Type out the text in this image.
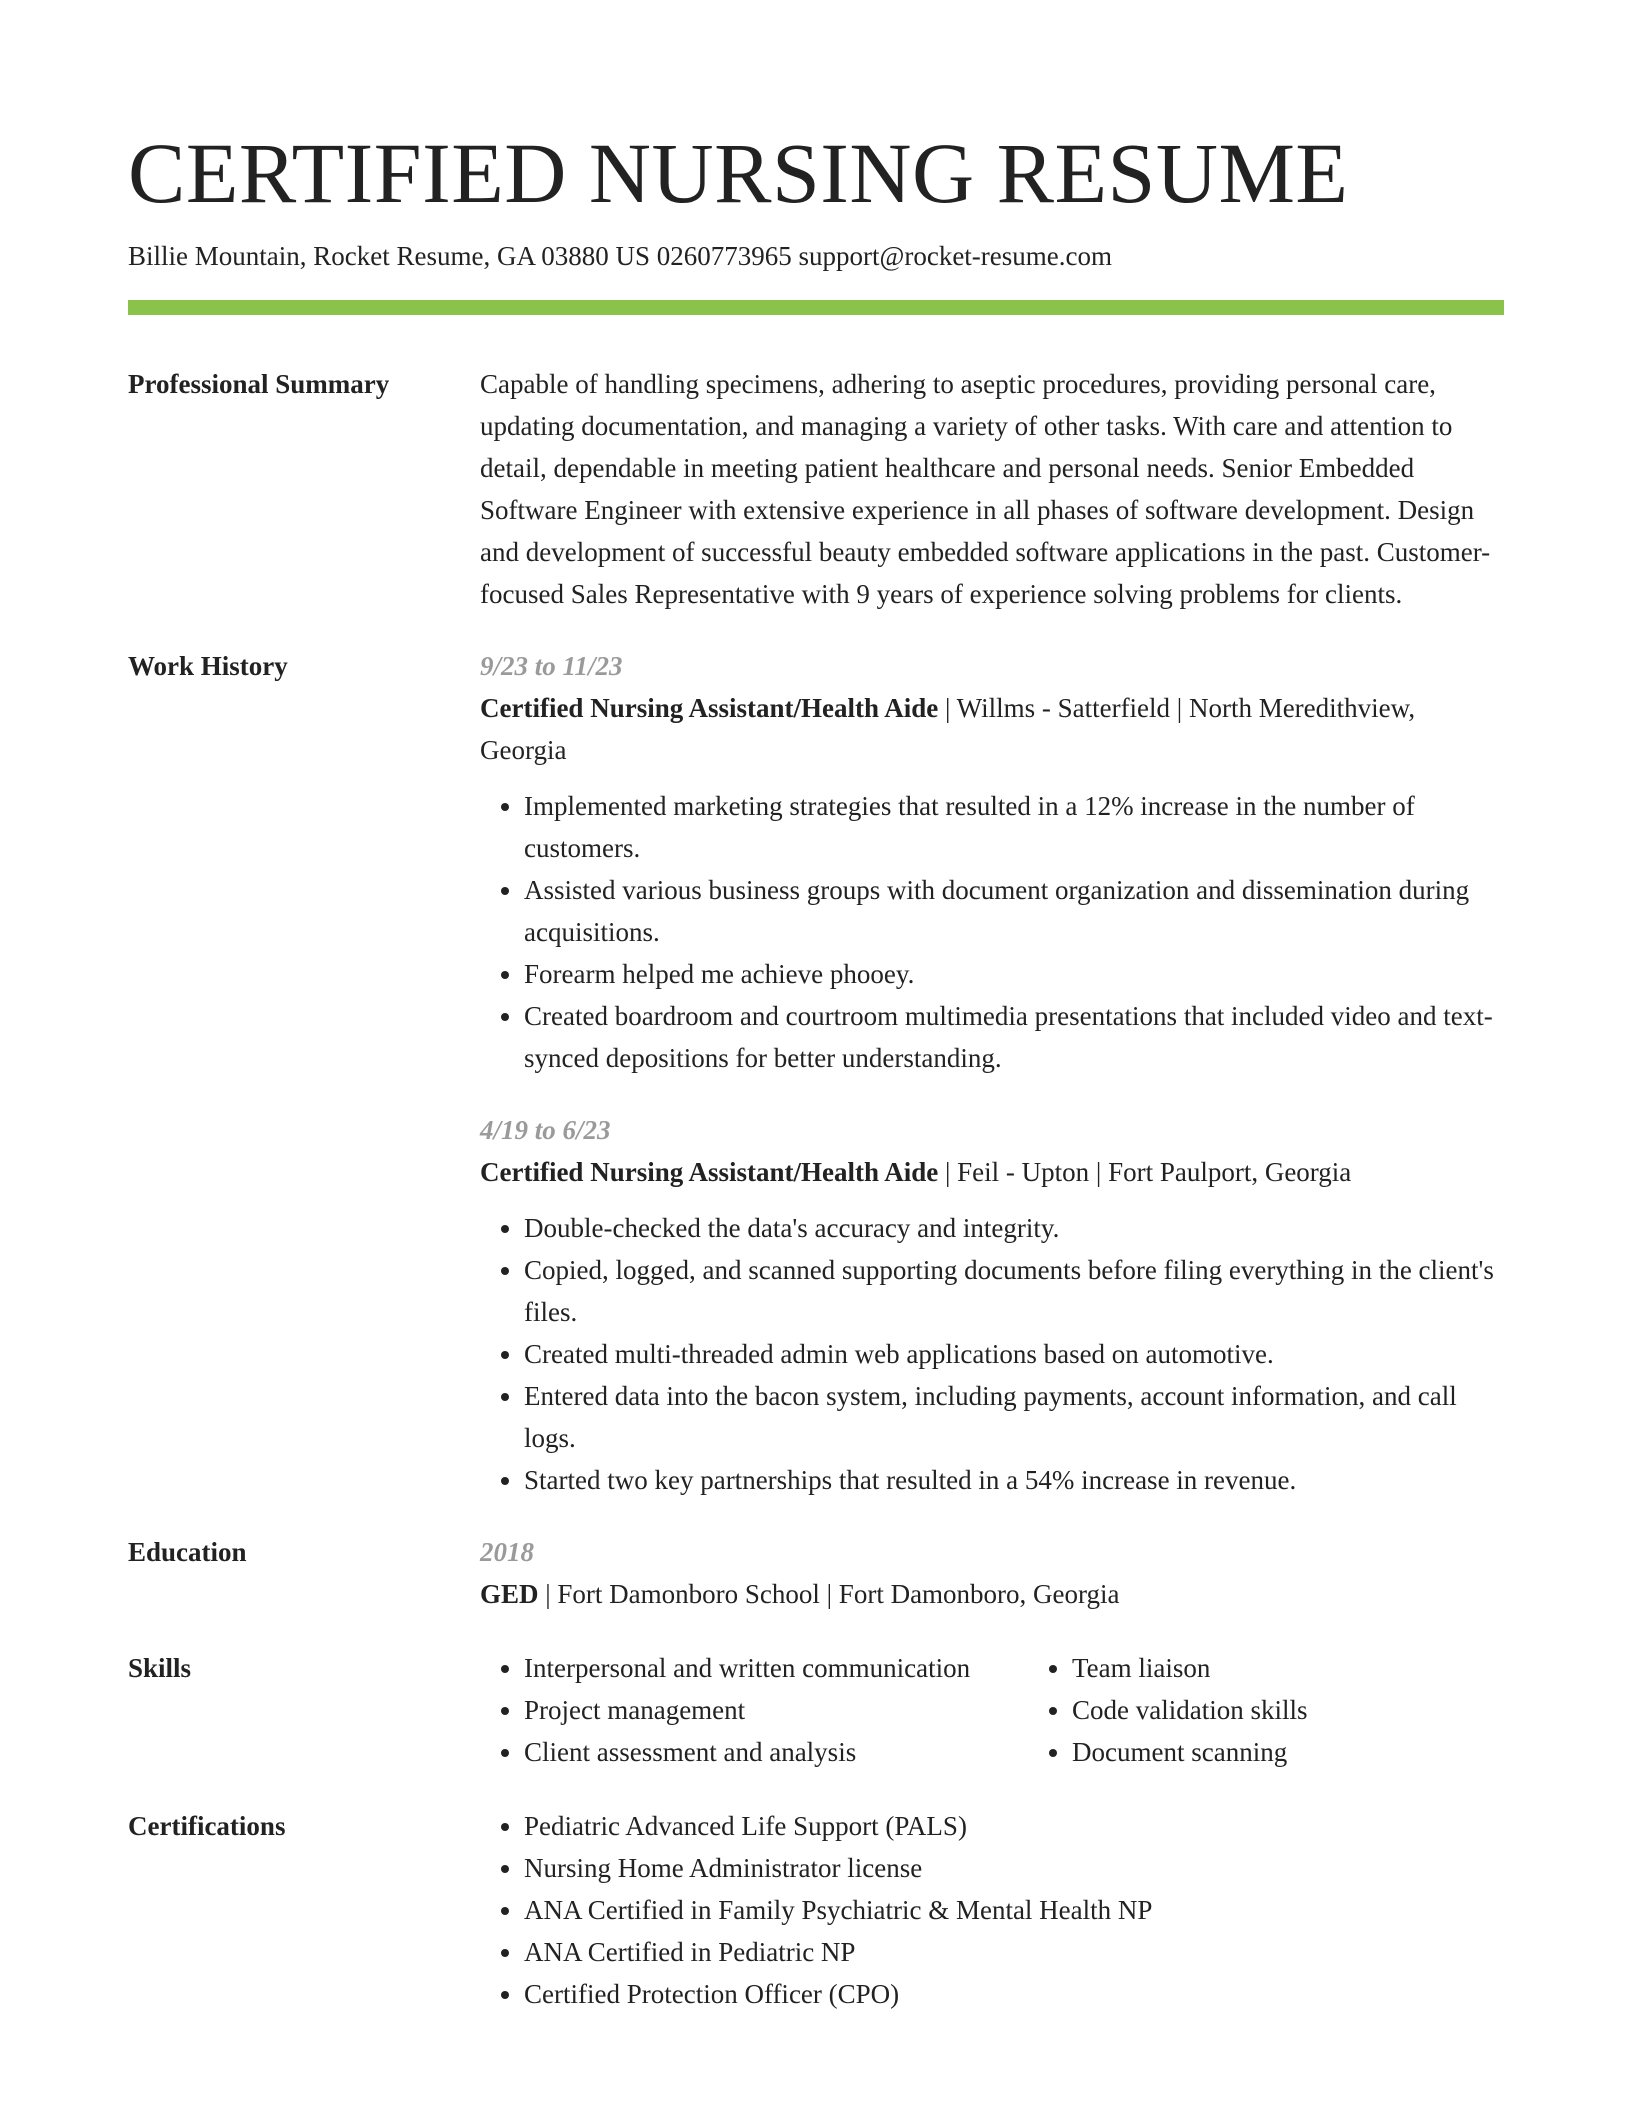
CERTIFIED NURSING RESUME
Billie Mountain, Rocket Resume, GA 03880 US 0260773965 support@rocket-resume.com
Professional Summary	Capable of handling specimens, adhering to aseptic procedures, providing personal care, updating documentation, and managing a variety of other tasks. With care and attention to detail, dependable in meeting patient healthcare and personal needs. Senior Embedded Software Engineer with extensive experience in all phases of software development. Design and development of successful beauty embedded software applications in the past. Customer-focused Sales Representative with 9 years of experience solving problems for clients.
Work History	9/23 to 11/23
Certified Nursing Assistant/Health Aide | Willms - Satterfield | North Meredithview, Georgia
• Implemented marketing strategies that resulted in a 12% increase in the number of customers.
• Assisted various business groups with document organization and dissemination during acquisitions.
• Forearm helped me achieve phooey.
• Created boardroom and courtroom multimedia presentations that included video and text-synced depositions for better understanding.
4/19 to 6/23
Certified Nursing Assistant/Health Aide | Feil - Upton | Fort Paulport, Georgia
• Double-checked the data's accuracy and integrity.
• Copied, logged, and scanned supporting documents before filing everything in the client's files.
• Created multi-threaded admin web applications based on automotive.
• Entered data into the bacon system, including payments, account information, and call logs.
• Started two key partnerships that resulted in a 54% increase in revenue.
Education	2018
GED | Fort Damonboro School | Fort Damonboro, Georgia
Skills	• Interpersonal and written communication
• Project management
• Client assessment and analysis
• Team liaison
• Code validation skills
• Document scanning
Certifications	• Pediatric Advanced Life Support (PALS)
• Nursing Home Administrator license
• ANA Certified in Family Psychiatric & Mental Health NP
• ANA Certified in Pediatric NP
• Certified Protection Officer (CPO)
